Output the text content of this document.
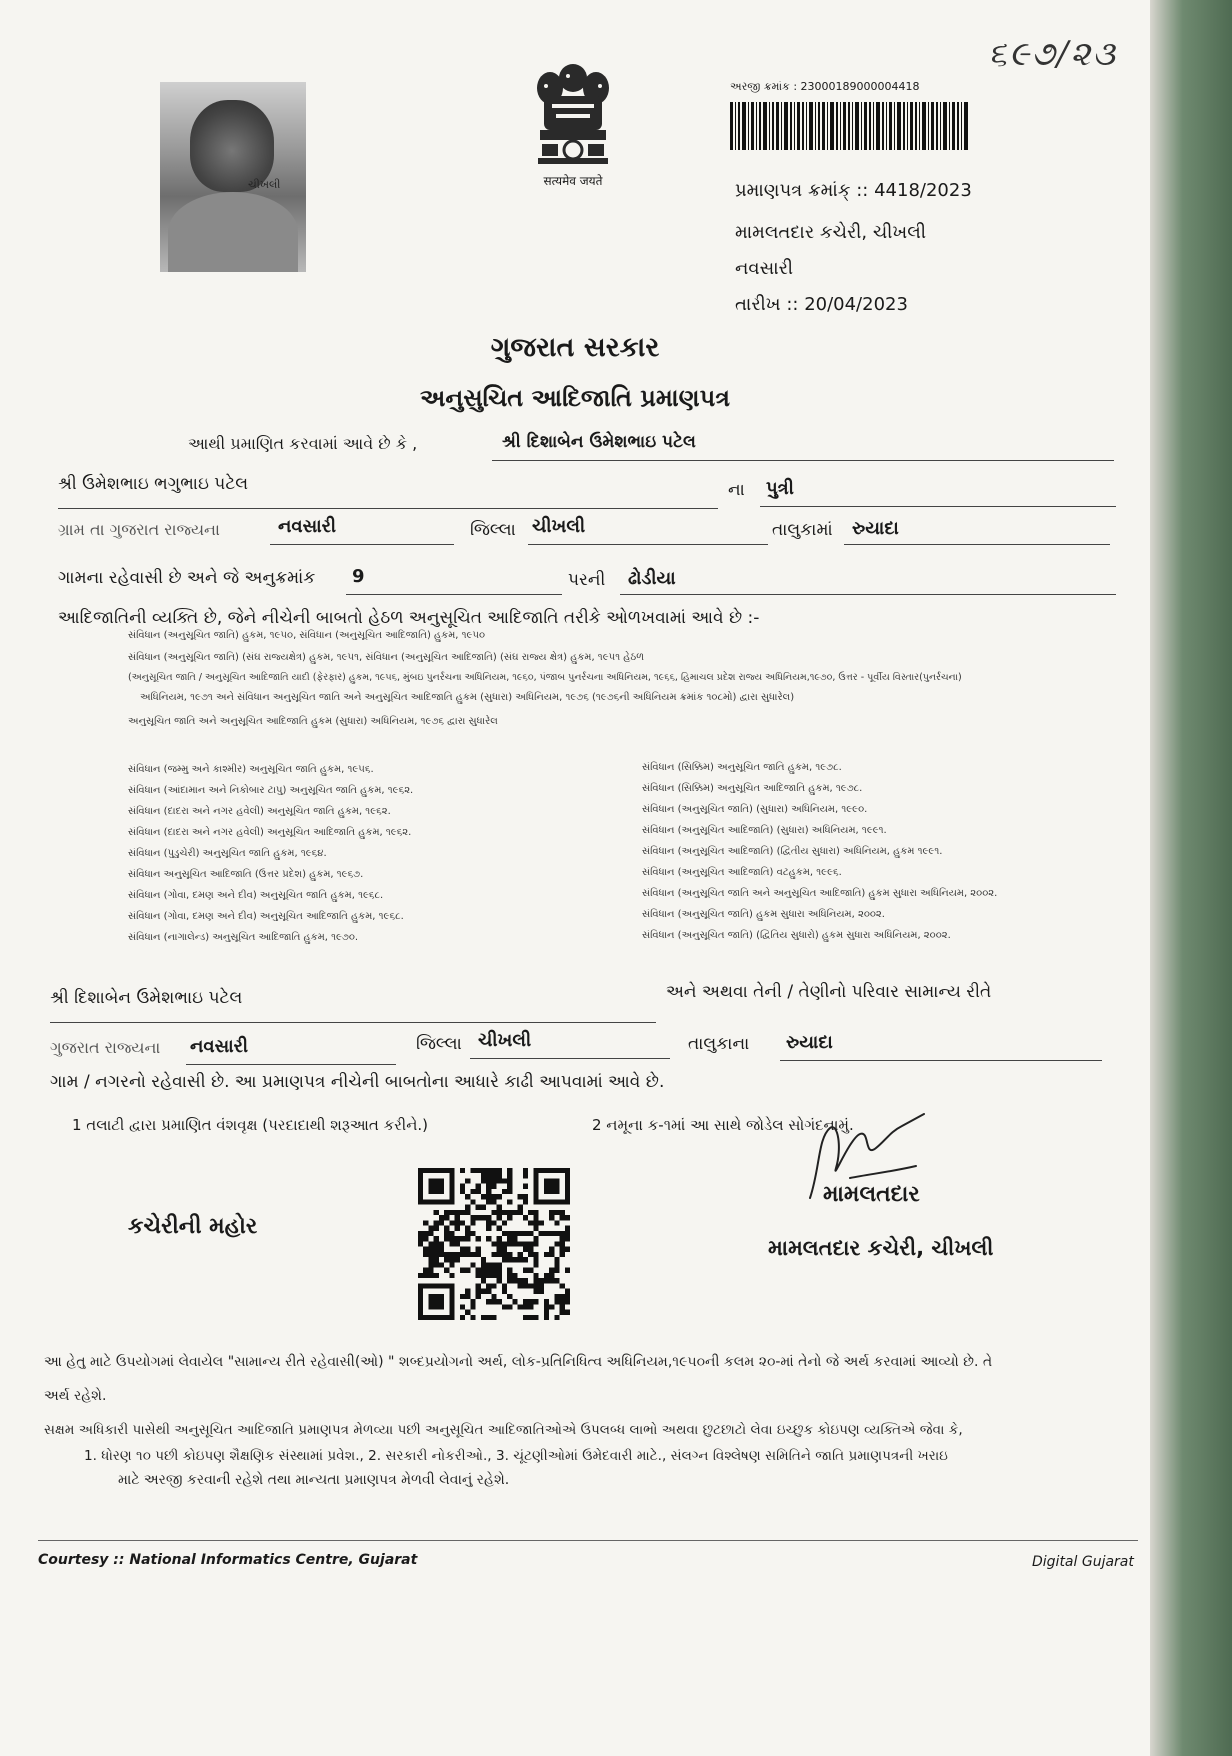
ચીખલી	सत्यमेव जयते
૬૯૭/૨૩
અરજી ક્રમાંક : 23000189000004418
પ્રમાણપત્ર ક્રમાંક્ :: 4418/2023
મામલતદાર કચેરી, ચીખલી
નવસારી
તારીખ :: 20/04/2023
ગુજરાત સરકાર
અનુસુચિત આદિજાતિ પ્રમાણપત્ર
આથી પ્રમાણિત કરવામાં આવે છે કે ,	શ્રી દિશાબેન ઉમેશભાઇ પટેલ
શ્રી ઉમેશભાઇ ભગુભાઇ પટેલ	ના પુત્રી
ગ્રામ તા ગુજરાત રાજ્યના	નવસારી	જિલ્લા ચીખલી	તાલુકામાં રુયાદા
ગામના રહેવાસી છે અને જે અનુક્રમાંક 9	પરની ઢોડીયા
આદિજાતિની વ્યક્તિ છે, જેને નીચેની બાબતો હેઠળ અનુસૂચિત આદિજાતિ તરીકે ઓળખવામાં આવે છે :-
સંવિધાન (અનુસૂચિત જાતિ) હુકમ, ૧૯૫૦, સંવિધાન (અનુસૂચિત આદિજાતિ) હુકમ, ૧૯૫૦
સંવિધાન (અનુસૂચિત જાતિ) (સંઘ રાજ્યક્ષેત્ર) હુકમ, ૧૯૫૧, સંવિધાન (અનુસૂચિત આદિજાતિ) (સંઘ રાજ્ય ક્ષેત્ર) હુકમ, ૧૯૫૧ હેઠળ
(અનુસૂચિત જાતિ / અનુસૂચિત આદિજાતિ યાદી (ફેરફાર) હુકમ, ૧૯૫૬, મુંબઇ પુનર્રચના અધિનિયમ, ૧૯૬૦, પંજાબ પુનર્રચના અધિનિયમ, ૧૯૬૬, હિમાચલ પ્રદેશ રાજ્ય અધિનિયમ,૧૯૭૦, ઉત્તર - પૂર્વીય વિસ્તાર(પુનર્રચના)
અધિનિયમ, ૧૯૭૧ અને સંવિધાન અનુસૂચિત જાતિ અને અનુસૂચિત આદિજાતિ હુકમ (સુધારા) અધિનિયમ, ૧૯૭૬ (૧૯૭૬ની અધિનિયમ ક્રમાંક ૧૦૮મો) દ્વારા સુધારેલ)
અનુસૂચિત જાતિ અને અનુસૂચિત આદિજાતિ હુકમ (સુધારા) અધિનિયમ, ૧૯૭૬ દ્વારા સુધારેલ
સંવિધાન (જમ્મુ અને કાશ્મીર) અનુસૂચિત જાતિ હુકમ, ૧૯૫૬.
સંવિધાન (આંદામાન અને નિકોબાર ટાપુ) અનુસૂચિત જાતિ હુકમ, ૧૯૬૨.
સંવિધાન (દાદરા અને નગર હવેલી) અનુસૂચિત જાતિ હુકમ, ૧૯૬૨.
સંવિધાન (દાદરા અને નગર હવેલી) અનુસૂચિત આદિજાતિ હુકમ, ૧૯૬૨.
સંવિધાન (પુડુચેરી) અનુસૂચિત જાતિ હુકમ, ૧૯૬૪.
સંવિધાન અનુસૂચિત આદિજાતિ (ઉત્તર પ્રદેશ) હુકમ, ૧૯૬૭.
સંવિધાન (ગોવા, દમણ અને દીવ) અનુસૂચિત જાતિ હુકમ, ૧૯૬૮.
સંવિધાન (ગોવા, દમણ અને દીવ) અનુસૂચિત આદિજાતિ હુકમ, ૧૯૬૮.
સંવિધાન (નાગાલેન્ડ) અનુસૂચિત આદિજાતિ હુકમ, ૧૯૭૦.
સંવિધાન (સિક્કિમ) અનુસૂચિત જાતિ હુકમ, ૧૯૭૮.
સંવિધાન (સિક્કિમ) અનુસૂચિત આદિજાતિ હુકમ, ૧૯૭૮.
સંવિધાન (અનુસૂચિત જાતિ) (સુધારા) અધિનિયમ, ૧૯૯૦.
સંવિધાન (અનુસૂચિત આદિજાતિ) (સુધારા) અધિનિયમ, ૧૯૯૧.
સંવિધાન (અનુસૂચિત આદિજાતિ) (દ્વિતીય સુધારા) અધિનિયમ, હુકમ ૧૯૯૧.
સંવિધાન (અનુસૂચિત આદિજાતિ) વટહુકમ, ૧૯૯૬.
સંવિધાન (અનુસૂચિત જાતિ અને અનુસૂચિત આદિજાતિ) હુકમ સુધારા અધિનિયમ, ૨૦૦૨.
સંવિધાન (અનુસૂચિત જાતિ) હુકમ સુધારા અધિનિયમ, ૨૦૦૨.
સંવિધાન (અનુસૂચિત જાતિ) (દ્વિતિય સુધારો) હુકમ સુધારા અધિનિયમ, ૨૦૦૨.
શ્રી દિશાબેન ઉમેશભાઇ પટેલ	અને અથવા તેની / તેણીનો પરિવાર સામાન્ય રીતે
ગુજરાત રાજ્યના નવસારી	જિલ્લા ચીખલી	તાલુકાના રુયાદા
ગામ / નગરનો રહેવાસી છે. આ પ્રમાણપત્ર નીચેની બાબતોના આધારે કાઢી આપવામાં આવે છે.
1 તલાટી દ્વારા પ્રમાણિત વંશવૃક્ષ (પરદાદાથી શરૂઆત કરીને.)	2 નમૂના ક-૧માં આ સાથે જોડેલ સોગંદનામું.
કચેરીની મહોર
મામલતદાર
મામલતદાર કચેરી, ચીખલી
આ હેતુ માટે ઉપયોગમાં લેવાયેલ "સામાન્ય રીતે રહેવાસી(ઓ) " શબ્દપ્રયોગનો અર્થ, લોક-પ્રતિનિધિત્વ અધિનિયમ,૧૯૫૦ની કલમ ૨૦-માં તેનો જે અર્થ કરવામાં આવ્યો છે. તે
અર્થ રહેશે.
સક્ષમ અધિકારી પાસેથી અનુસૂચિત આદિજાતિ પ્રમાણપત્ર મેળવ્યા પછી અનુસૂચિત આદિજાતિઓએ ઉપલબ્ધ લાભો અથવા છુટછાટો લેવા ઇચ્છુક કોઇપણ વ્યક્તિએ જેવા કે,
1. ધોરણ ૧૦ પછી કોઇપણ શૈક્ષણિક સંસ્થામાં પ્રવેશ., 2. સરકારી નોકરીઓ., 3. ચૂંટણીઓમાં ઉમેદવારી માટે., સંલગ્ન વિશ્લેષણ સમિતિને જાતિ પ્રમાણપત્રની ખરાઇ
માટે અરજી કરવાની રહેશે તથા માન્યતા પ્રમાણપત્ર મેળવી લેવાનું રહેશે.
Courtesy :: National Informatics Centre, Gujarat	Digital Gujarat
